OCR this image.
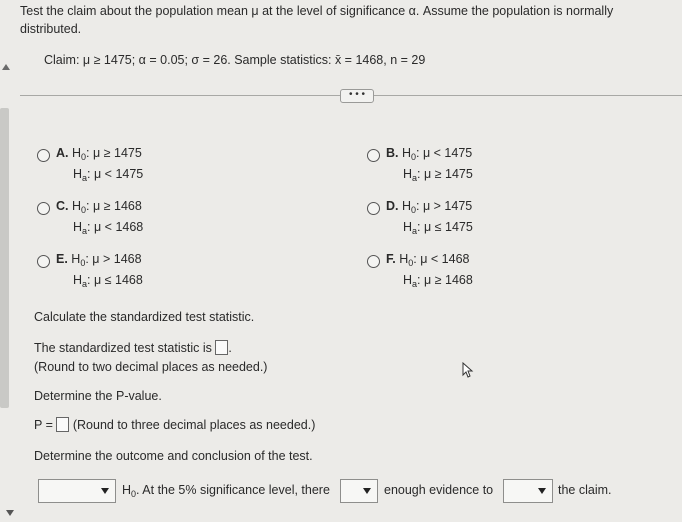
Test the claim about the population mean μ at the level of significance α. Assume the population is normally
distributed.
Claim: μ ≥ 1475; α = 0.05; σ = 26. Sample statistics: x̄ = 1468, n = 29
• • •
A. $H_0$: μ ≥ 1475
$H_a$: μ < 1475
B. $H_0$: μ < 1475
$H_a$: μ ≥ 1475
C. $H_0$: μ ≥ 1468
$H_a$: μ < 1468
D. $H_0$: μ > 1475
$H_a$: μ ≤ 1475
E. $H_0$: μ > 1468
$H_a$: μ ≤ 1468
F. $H_0$: μ < 1468
$H_a$: μ ≥ 1468
Calculate the standardized test statistic.
The standardized test statistic is .
(Round to two decimal places as needed.)
Determine the P-value.
P = (Round to three decimal places as needed.)
Determine the outcome and conclusion of the test.
$H_0$. At the 5% significance level, there	enough evidence to	the claim.
